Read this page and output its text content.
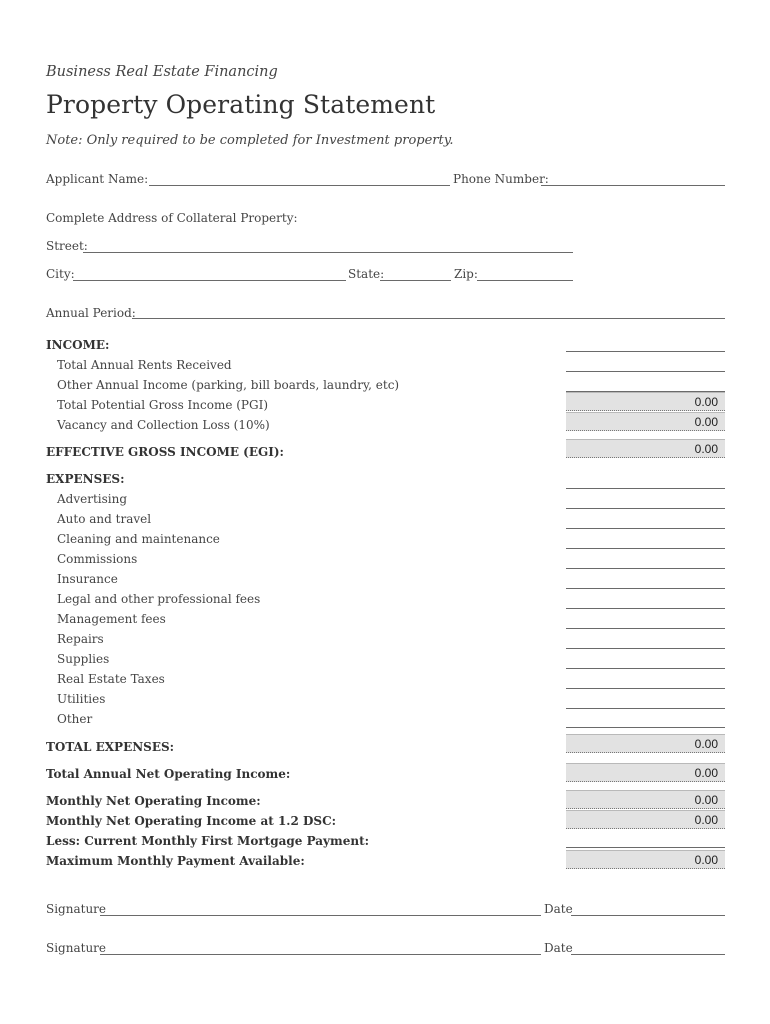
Business Real Estate Financing
Property Operating Statement
Note: Only required to be completed for Investment property.
Applicant Name:	Phone Number:
Complete Address of Collateral Property:
Street:
City:	State:	Zip:
Annual Period:
INCOME:
Total Annual Rents Received
Other Annual Income (parking, bill boards, laundry, etc)
Total Potential Gross Income (PGI)	0.00
Vacancy and Collection Loss (10%)	0.00
EFFECTIVE GROSS INCOME (EGI):	0.00
EXPENSES:
Advertising
Auto and travel
Cleaning and maintenance
Commissions
Insurance
Legal and other professional fees
Management fees
Repairs
Supplies
Real Estate Taxes
Utilities
Other
TOTAL EXPENSES:	0.00
Total Annual Net Operating Income:	0.00
Monthly Net Operating Income:	0.00
Monthly Net Operating Income at 1.2 DSC:	0.00
Less: Current Monthly First Mortgage Payment:
Maximum Monthly Payment Available:	0.00
Signature	Date
Signature	Date
